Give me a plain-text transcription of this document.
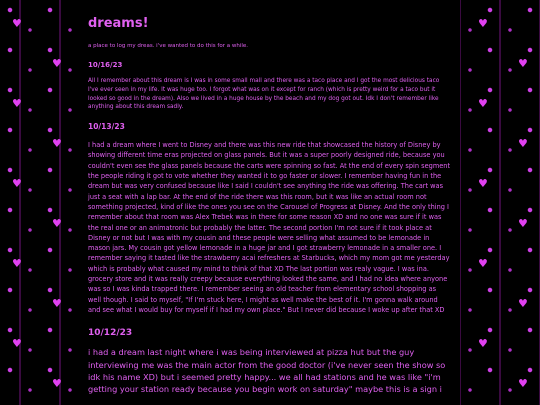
♥
♥
♥
♥
♥
♥
♥
♥
♥
♥
♥
♥
♥
♥
♥
♥
♥
♥
♥
♥
dreams!

a place to log my dreas. i've wanted to do this for a while.

10/16/23

All I remember about this dream is I was in some small mall and there was a taco place and I got the most delicious taco I've ever seen in my life. It was huge too. I forgot what was on it except for ranch (which is pretty weird for a taco but it looked so good in the dream). Also we lived in a huge house by the beach and my dog got out. Idk I don't remember like anything about this dream sadly.

10/13/23

I had a dream where I went to Disney and there was this new ride that showcased the history of Disney by showing different time eras projected on glass panels. But it was a super poorly designed ride, because you couldn't even see the glass panels because the carts were spinning so fast. At the end of every spin segment the people riding it got to vote whether they wanted it to go faster or slower. I remember having fun in the dream but was very confused because like I said I couldn't see anything the ride was offering. The cart was just a seat with a lap bar. At the end of the ride there was this room, but it was like an actual room not something projected, kind of like the ones you see on the Carousel of Progress at Disney. And the only thing I remember about that room was Alex Trebek was in there for some reason XD and no one was sure if it was the real one or an animatronic but probably the latter. The second portion I'm not sure if it took place at Disney or not but I was with my cousin and these people were selling what assumed to be lemonade in mason jars. My cousin got yellow lemonade in a huge jar and I got strawberry lemonade in a smaller one. I remember saying it tasted like the strawberry acai refreshers at Starbucks, which my mom got me yesterday which is probably what caused my mind to think of that XD The last portion was realy vague. I was ina. grocery store and it was really creepy because everything looked the same, and I had no idea where anyone was so I was kinda trapped there. I remember seeing an old teacher from elementary school shopping as well though. I said to myself, "If I'm stuck here, I might as well make the best of it. I'm gonna walk around and see what I would buy for myself if I had my own place." But I never did because I woke up after that XD

10/12/23

i had a dream last night where i was being interviewed at pizza hut but the guy interviewing me was the main actor from the good doctor (i've never seen the show so idk his name XD) but i seemed pretty happy... we all had stations and he was like "i'm getting your station ready because you begin work on saturday" maybe this is a sign i
